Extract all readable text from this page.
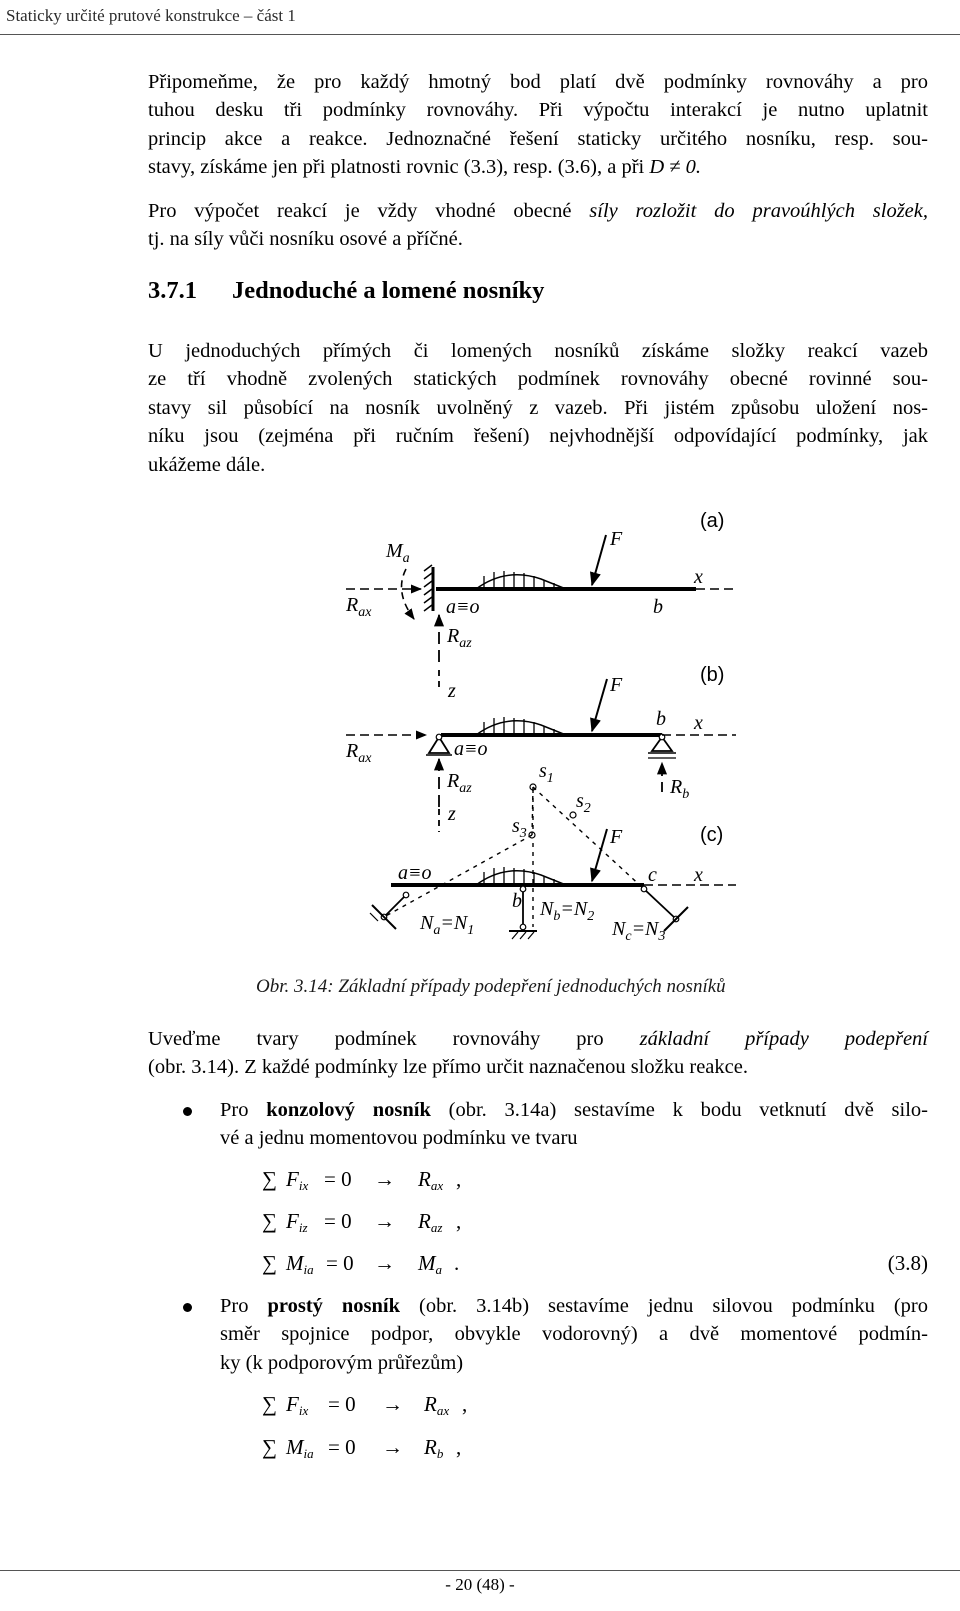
Staticky určité prutové konstrukce – část 1
Připomeňme, že pro každý hmotný bod platí dvě podmínky rovnováhy a pro
tuhou desku tři podmínky rovnováhy. Při výpočtu interakcí je nutno uplatnit
princip akce a reakce. Jednoznačné řešení staticky určitého nosníku, resp. sou-
stavy, získáme jen při platnosti rovnic (3.3), resp. (3.6), a při D ≠ 0.
Pro výpočet reakcí je vždy vhodné obecné síly rozložit do pravoúhlých složek,
tj. na síly vůči nosníku osové a příčné.
3.7.1 Jednoduché a lomené nosníky
U jednoduchých přímých či lomených nosníků získáme složky reakcí vazeb
ze tří vhodně zvolených statických podmínek rovnováhy obecné rovinné sou-
stavy sil působící na nosník uvolněný z vazeb. Při jistém způsobu uložení nos-
níku jsou (zejména při ručním řešení) nejvhodnější odpovídající podmínky, jak
ukážeme dále.
(a)
F
x
b
a≡o
$M_a$
$R_{ax}$
$R_{az}$
z
(b)
F
b x
a≡o
$R_{ax}$
$R_{az}$	$R_b$
z
(c)
F
c x
a≡o
$s_1$
$s_2$
$s_3$
b
$N_a=N_1$
$N_b=N_2$
$N_c=N_3$
Obr. 3.14: Základní případy podepření jednoduchých nosníků
Uveďme tvary podmínek rovnováhy pro základní případy podepření
(obr. 3.14). Z každé podmínky lze přímo určit naznačenou složku reakce.
Pro konzolový nosník (obr. 3.14a) sestavíme k bodu vetknutí dvě silo-
vé a jednu momentovou podmínku ve tvaru
∑ $F_{ix} = 0 \to R_{ax}$ ,
∑ $F_{iz} = 0 \to R_{az}$ ,
∑ $M_{ia} = 0 \to M_a$ .	(3.8)
Pro prostý nosník (obr. 3.14b) sestavíme jednu silovou podmínku (pro
směr spojnice podpor, obvykle vodorovný) a dvě momentové podmín-
ky (k podporovým průřezům)
∑ $F_{ix} = 0 \to R_{ax}$ ,
∑ $M_{ia} = 0 \to R_b$ ,
- 20 (48) -
